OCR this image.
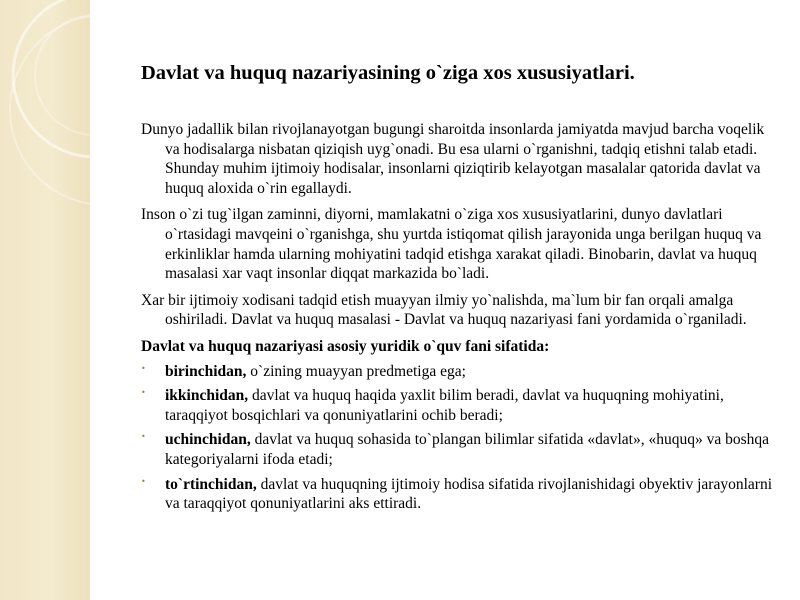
Davlat va huquq nazariyasining o`ziga xos xususiyatlari.

Dunyo jadallik bilan rivojlanayotgan bugungi sharoitda insonlarda jamiyatda mavjud barcha voqelik va hodisalarga nisbatan qiziqish uyg`onadi. Bu esa ularni o`rganishni, tadqiq etishni talab etadi. Shunday muhim ijtimoiy hodisalar, insonlarni qiziqtirib kelayotgan masalalar qatorida davlat va huquq aloxida o`rin egallaydi.

Inson o`zi tug`ilgan zaminni, diyorni, mamlakatni o`ziga xos xususiyatlarini, dunyo davlatlari o`rtasidagi mavqeini o`rganishga, shu yurtda istiqomat qilish jarayonida unga berilgan huquq va erkinliklar hamda ularning mohiyatini tadqid etishga xarakat qiladi. Binobarin, davlat va huquq masalasi xar vaqt insonlar diqqat markazida bo`ladi.

Xar bir ijtimoiy xodisani tadqid etish muayyan ilmiy yo`nalishda, ma`lum bir fan orqali amalga oshiriladi. Davlat va huquq masalasi - Davlat va huquq nazariyasi fani yordamida o`rganiladi.

Davlat va huquq nazariyasi asosiy yuridik o`quv fani sifatida:

• birinchidan, o`zining muayyan predmetiga ega;
• ikkinchidan, davlat va huquq haqida yaxlit bilim beradi, davlat va huquqning mohiyatini, taraqqiyot bosqichlari va qonuniyatlarini ochib beradi;
• uchinchidan, davlat va huquq sohasida to`plangan bilimlar sifatida «davlat», «huquq» va boshqa kategoriyalarni ifoda etadi;
• to`rtinchidan, davlat va huquqning ijtimoiy hodisa sifatida rivojlanishidagi obyektiv jarayonlarni va taraqqiyot qonuniyatlarini aks ettiradi.
